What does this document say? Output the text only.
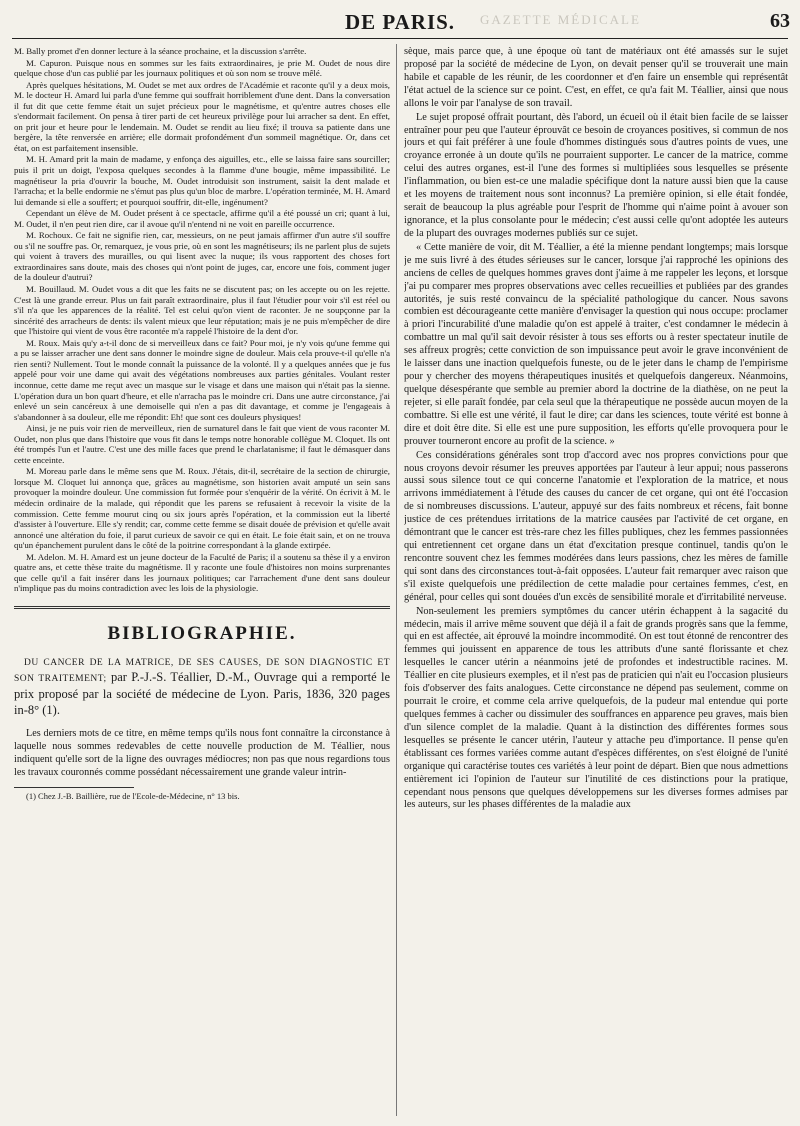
GAZETTE MÉDICALE
DE PARIS.	63

M. Bally promet d'en donner lecture à la séance prochaine, et la discussion s'arrête.

M. Capuron. Puisque nous en sommes sur les faits extraordinaires, je prie M. Oudet de nous dire quelque chose d'un cas publié par les journaux politiques et où son nom se trouve mêlé.

Après quelques hésitations, M. Oudet se met aux ordres de l'Académie et raconte qu'il y a deux mois, M. le docteur H. Amard lui parla d'une femme qui souffrait horriblement d'une dent. Dans la conversation il fut dit que cette femme était un sujet précieux pour le magnétisme, et qu'entre autres choses elle s'endormait facilement. On pensa à tirer parti de cet heureux privilège pour lui arracher sa dent. En effet, on prit jour et heure pour le lendemain. M. Oudet se rendit au lieu fixé; il trouva sa patiente dans une bergère, la tête renversée en arrière; elle dormait profondément d'un sommeil magnétique. Or, dans cet état, on est parfaitement insensible.

M. H. Amard prit la main de madame, y enfonça des aiguilles, etc., elle se laissa faire sans sourciller; puis il prit un doigt, l'exposa quelques secondes à la flamme d'une bougie, même impassibilité. Le magnétiseur la pria d'ouvrir la bouche, M. Oudet introduisit son instrument, saisit la dent malade et l'arracha; et la belle endormie ne s'émut pas plus qu'un bloc de marbre. L'opération terminée, M. H. Amard lui demande si elle a souffert; et pourquoi souffrir, dit-elle, ingénument?

Cependant un élève de M. Oudet présent à ce spectacle, affirme qu'il a été poussé un cri; quant à lui, M. Oudet, il n'en peut rien dire, car il avoue qu'il n'entend ni ne voit en pareille occurrence.

M. Rochoux. Ce fait ne signifie rien, car, messieurs, on ne peut jamais affirmer d'un autre s'il souffre ou s'il ne souffre pas. Or, remarquez, je vous prie, où en sont les magnétiseurs; ils ne parlent plus de sujets qui voient à travers des murailles, ou qui lisent avec la nuque; ils vous rapportent des choses fort extraordinaires sans doute, mais des choses qui n'ont point de juges, car, encore une fois, comment juger de la douleur d'autrui?

M. Bouillaud. M. Oudet vous a dit que les faits ne se discutent pas; on les accepte ou on les rejette. C'est là une grande erreur. Plus un fait paraît extraordinaire, plus il faut l'étudier pour voir s'il est réel ou s'il n'a que les apparences de la réalité. Tel est celui qu'on vient de raconter. Je ne soupçonne par la sincérité des arracheurs de dents: ils valent mieux que leur réputation; mais je ne puis m'empêcher de dire que l'histoire qui vient de vous être racontée m'a rappelé l'histoire de la dent d'or.

M. Roux. Mais qu'y a-t-il donc de si merveilleux dans ce fait? Pour moi, je n'y vois qu'une femme qui a pu se laisser arracher une dent sans donner le moindre signe de douleur. Mais cela prouve-t-il qu'elle n'a rien senti? Nullement. Tout le monde connaît la puissance de la volonté. Il y a quelques années que je fus appelé pour voir une dame qui avait des végétations nombreuses aux parties génitales. Voulant rester inconnue, cette dame me reçut avec un masque sur le visage et dans une maison qui n'était pas la sienne. L'opération dura un bon quart d'heure, et elle n'arracha pas le moindre cri. Dans une autre circonstance, j'ai enlevé un sein cancéreux à une demoiselle qui n'en a pas dit davantage, et comme je l'engageais à s'abandonner à sa douleur, elle me répondit: Eh! que sont ces douleurs physiques!

Ainsi, je ne puis voir rien de merveilleux, rien de surnaturel dans le fait que vient de vous raconter M. Oudet, non plus que dans l'histoire que vous fit dans le temps notre honorable collègue M. Cloquet. Ils ont été trompés l'un et l'autre. C'est une des mille faces que prend le charlatanisme; il faut le démasquer dans cette enceinte.

M. Moreau parle dans le même sens que M. Roux. J'étais, dit-il, secrétaire de la section de chirurgie, lorsque M. Cloquet lui annonça que, grâces au magnétisme, son historien avait amputé un sein sans provoquer la moindre douleur. Une commission fut formée pour s'enquérir de la vérité. On écrivit à M. le médecin ordinaire de la malade, qui répondit que les parens se refusaient à recevoir la visite de la commission. Cette femme mourut cinq ou six jours après l'opération, et la commission eut la liberté d'assister à l'ouverture. Elle s'y rendit; car, comme cette femme se disait douée de prévision et qu'elle avait annoncé une altération du foie, il parut curieux de savoir ce qui en était. Le foie était sain, et on ne trouva qu'un épanchement purulent dans le côté de la poitrine correspondant à la glande extirpée.

M. Adelon. M. H. Amard est un jeune docteur de la Faculté de Paris; il a soutenu sa thèse il y a environ quatre ans, et cette thèse traite du magnétisme. Il y raconte une foule d'histoires non moins surprenantes que celle qu'il a fait insérer dans les journaux politiques; car l'arrachement d'une dent sans douleur n'implique pas du moins contradiction avec les lois de la physiologie.

BIBLIOGRAPHIE.

DU CANCER DE LA MATRICE, DE SES CAUSES, DE SON DIAGNOSTIC ET SON TRAITEMENT; par P.-J.-S. Téallier, D.-M., Ouvrage qui a remporté le prix proposé par la société de médecine de Lyon. Paris, 1836, 320 pages in-8° (1).

Les derniers mots de ce titre, en même temps qu'ils nous font connaître la circonstance à laquelle nous sommes redevables de cette nouvelle production de M. Téallier, nous indiquent qu'elle sort de la ligne des ouvrages médiocres; non pas que nous regardions tous les travaux couronnés comme possédant nécessairement une grande valeur intrin-

(1) Chez J.-B. Baillière, rue de l'Ecole-de-Médecine, n° 13 bis.

sèque, mais parce que, à une époque où tant de matériaux ont été amassés sur le sujet proposé par la société de médecine de Lyon, on devait penser qu'il se trouverait une main habile et capable de les réunir, de les coordonner et d'en faire un ensemble qui représentât l'état actuel de la science sur ce point. C'est, en effet, ce qu'a fait M. Téallier, ainsi que nous allons le voir par l'analyse de son travail.

Le sujet proposé offrait pourtant, dès l'abord, un écueil où il était bien facile de se laisser entraîner pour peu que l'auteur éprouvât ce besoin de croyances positives, si commun de nos jours et qui fait préférer à une foule d'hommes distingués sous d'autres points de vues, une croyance erronée à un doute qu'ils ne pourraient supporter. Le cancer de la matrice, comme celui des autres organes, est-il l'une des formes si multipliées sous lesquelles se présente l'inflammation, ou bien est-ce une maladie spécifique dont la nature aussi bien que la cause et les moyens de traitement nous sont inconnus? La première opinion, si elle était fondée, serait de beaucoup la plus agréable pour l'esprit de l'homme qui n'aime point à avouer son ignorance, et la plus consolante pour le médecin; c'est aussi celle qu'ont adoptée les auteurs de la plupart des ouvrages modernes publiés sur ce sujet.

« Cette manière de voir, dit M. Téallier, a été la mienne pendant longtemps; mais lorsque je me suis livré à des études sérieuses sur le cancer, lorsque j'ai rapproché les opinions des anciens de celles de quelques hommes graves dont j'aime à me rappeler les leçons, et lorsque j'ai pu comparer mes propres observations avec celles recueillies et publiées par des grandes autorités, je suis resté convaincu de la spécialité pathologique du cancer. Nous savons combien est décourageante cette manière d'envisager la question qui nous occupe: proclamer à priori l'incurabilité d'une maladie qu'on est appelé à traiter, c'est condamner le médecin à combattre un mal qu'il sait devoir résister à tous ses efforts ou à rester spectateur inutile de ses affreux progrès; cette conviction de son impuissance peut avoir le grave inconvénient de le laisser dans une inaction quelquefois funeste, ou de le jeter dans le champ de l'empirisme pour y chercher des moyens thérapeutiques inusités et quelquefois dangereux. Néanmoins, quelque désespérante que semble au premier abord la doctrine de la diathèse, on ne peut la rejeter, si elle paraît fondée, par cela seul que la thérapeutique ne possède aucun moyen de la combattre. Si elle est une vérité, il faut le dire; car dans les sciences, toute vérité est bonne à dire et doit être dite. Si elle est une pure supposition, les efforts qu'elle provoquera pour le prouver tourneront encore au profit de la science. »

Ces considérations générales sont trop d'accord avec nos propres convictions pour que nous croyons devoir résumer les preuves apportées par l'auteur à leur appui; nous passerons aussi sous silence tout ce qui concerne l'anatomie et l'exploration de la matrice, et nous arrivons immédiatement à l'étude des causes du cancer de cet organe, qui ont été l'occasion de si nombreuses discussions. L'auteur, appuyé sur des faits nombreux et récens, fait bonne justice de ces prétendues irritations de la matrice causées par l'activité de cet organe, en démontrant que le cancer est très-rare chez les filles publiques, chez les femmes passionnées qui entretiennent cet organe dans un état d'excitation presque continuel, tandis qu'on le rencontre souvent chez les femmes modérées dans leurs passions, chez les mères de famille qui sont dans des circonstances tout-à-fait opposées. L'auteur fait remarquer avec raison que s'il existe quelquefois une prédilection de cette maladie pour certaines femmes, c'est, en général, pour celles qui sont douées d'un excès de sensibilité morale et d'irritabilité nerveuse.

Non-seulement les premiers symptômes du cancer utérin échappent à la sagacité du médecin, mais il arrive même souvent que déjà il a fait de grands progrès sans que la femme, qui en est affectée, ait éprouvé la moindre incommodité. On est tout étonné de rencontrer des femmes qui jouissent en apparence de tous les attributs d'une santé florissante et chez lesquelles le cancer utérin a néanmoins jeté de profondes et indestructible racines. M. Téallier en cite plusieurs exemples, et il n'est pas de praticien qui n'ait eu l'occasion plusieurs fois d'observer des faits analogues. Cette circonstance ne dépend pas seulement, comme on pourrait le croire, et comme cela arrive quelquefois, de la pudeur mal entendue qui porte quelques femmes à cacher ou dissimuler des souffrances en apparence peu graves, mais bien d'un silence complet de la maladie. Quant à la distinction des différentes formes sous lesquelles se présente le cancer utérin, l'auteur y attache peu d'importance. Il pense qu'en établissant ces formes variées comme autant d'espèces différentes, on s'est éloigné de l'unité organique qui caractérise toutes ces variétés à leur point de départ. Bien que nous admettions entièrement ici l'opinion de l'auteur sur l'inutilité de ces distinctions pour la pratique, cependant nous pensons que quelques développemens sur les diverses formes admises par les auteurs, sur les phases différentes de la maladie aux
